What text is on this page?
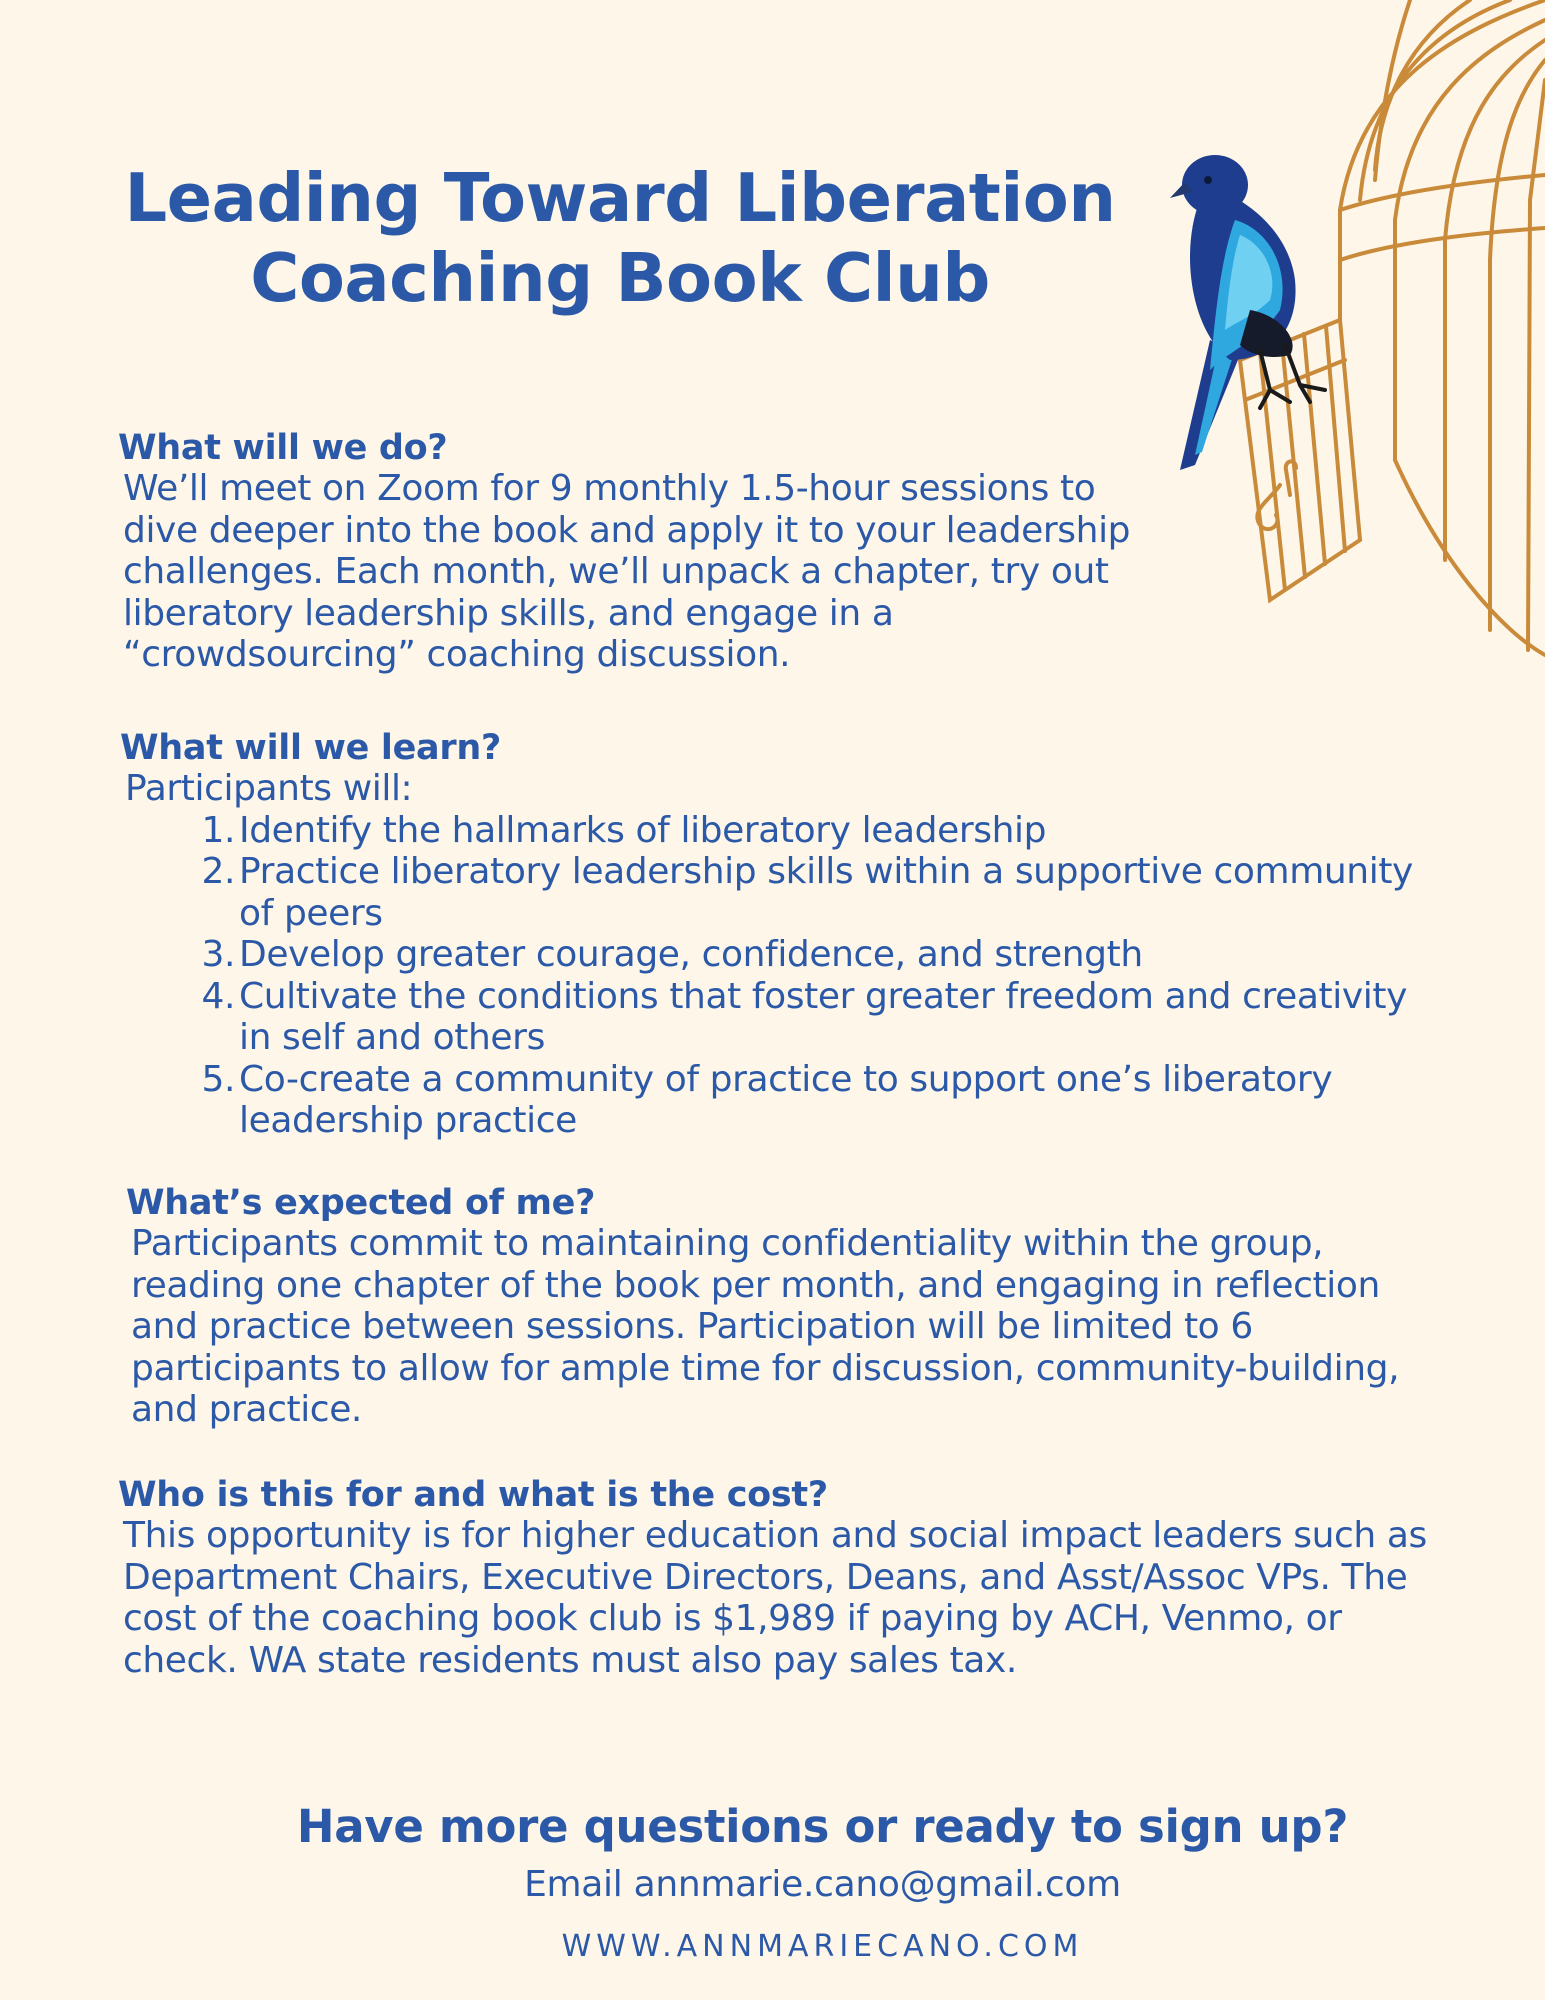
Leading Toward Liberation
Coaching Book Club
What will we do?

We’ll meet on Zoom for 9 monthly 1.5-hour sessions to dive deeper into the book and apply it to your leadership challenges. Each month, we’ll unpack a chapter, try out liberatory leadership skills, and engage in a “crowdsourcing” coaching discussion.

What will we learn?

Participants will:

1. Identify the hallmarks of liberatory leadership
2. Practice liberatory leadership skills within a supportive community of peers
3. Develop greater courage, confidence, and strength
4. Cultivate the conditions that foster greater freedom and creativity in self and others
5. Co-create a community of practice to support one’s liberatory leadership practice
What’s expected of me?

Participants commit to maintaining confidentiality within the group, reading one chapter of the book per month, and engaging in reflection and practice between sessions. Participation will be limited to 6 participants to allow for ample time for discussion, community-building, and practice.

Who is this for and what is the cost?

This opportunity is for higher education and social impact leaders such as Department Chairs, Executive Directors, Deans, and Asst/Assoc VPs. The cost of the coaching book club is $1,989 if paying by ACH, Venmo, or check. WA state residents must also pay sales tax.

Have more questions or ready to sign up?
Email annmarie.cano@gmail.com
WWW.ANNMARIECANO.COM
